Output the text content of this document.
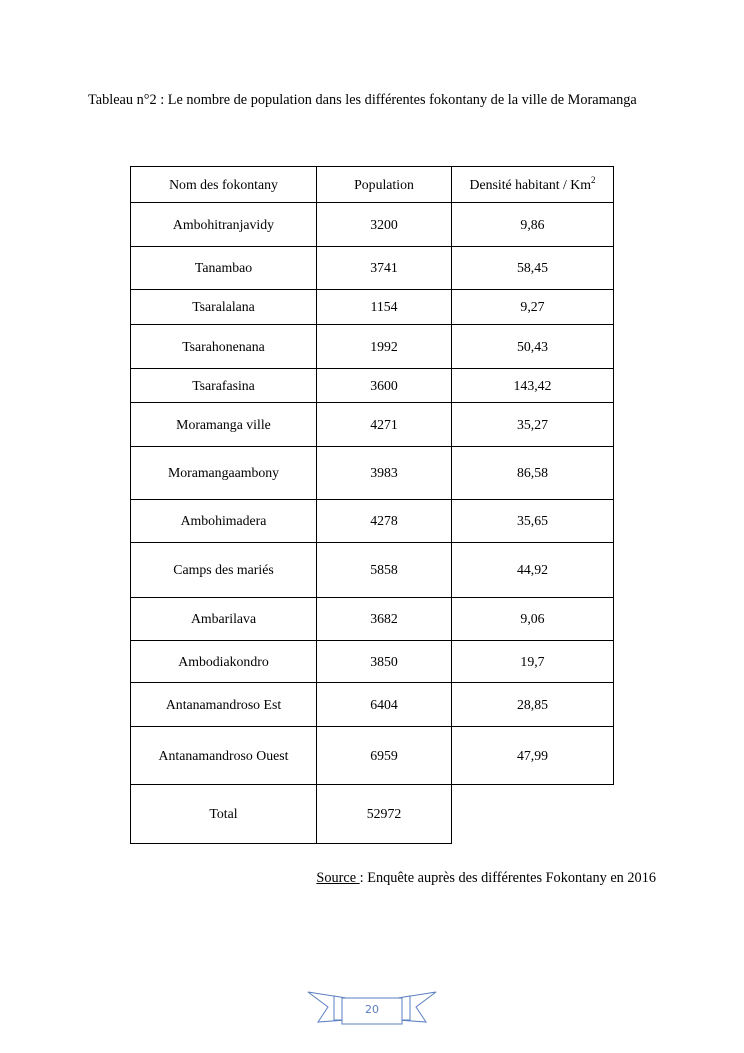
Tableau n°2 : Le nombre de population dans les différentes fokontany de la ville de Moramanga
Nom des fokontany	Population	Densité habitant / Km$^2$
Ambohitranjavidy	3200	9,86
Tanambao	3741	58,45
Tsaralalana	1154	9,27
Tsarahonenana	1992	50,43
Tsarafasina	3600	143,42
Moramanga ville	4271	35,27
Moramangaambony	3983	86,58
Ambohimadera	4278	35,65
Camps des mariés	5858	44,92
Ambarilava	3682	9,06
Ambodiakondro	3850	19,7
Antanamandroso Est	6404	28,85
Antanamandroso Ouest	6959	47,99
Total	52972	
Source : Enquête auprès des différentes Fokontany en 2016
20
